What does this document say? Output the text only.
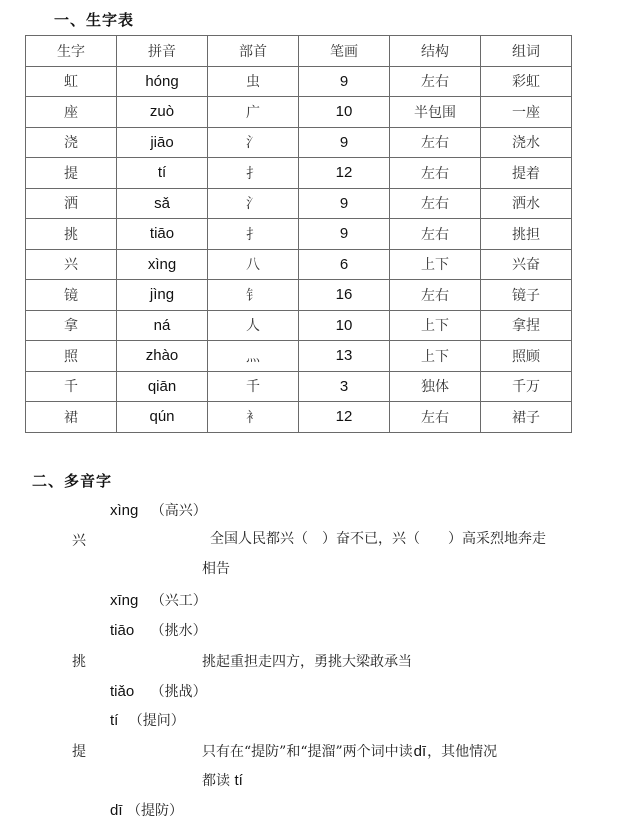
一、生字表
生字	拼音	部首	笔画	结构	组词
虹	hóng	虫	9	左右	彩虹
座	zuò	广	10	半包围	一座
浇	jiāo	氵	9	左右	浇水
提	tí	扌	12	左右	提着
洒	sǎ	氵	9	左右	洒水
挑	tiāo	扌	9	左右	挑担
兴	xìng	八	6	上下	兴奋
镜	jìng	钅	16	左右	镜子
拿	ná	人	10	上下	拿捏
照	zhào	灬	13	上下	照顾
千	qiān	千	3	独体	千万
裙	qún	衤	12	左右	裙子
二、多音字
xìng （高兴）
兴	全国人民都兴（　）奋不已，兴（　　）高采烈地奔走

相告
xīng （兴工）
tiāo （挑水）
挑	挑起重担走四方，勇挑大梁敢承当
tiǎo （挑战）
tí （提问）
提	只有在“提防”和“提溜”两个词中读dī，其他情况
都读 tí
dī （提防）
